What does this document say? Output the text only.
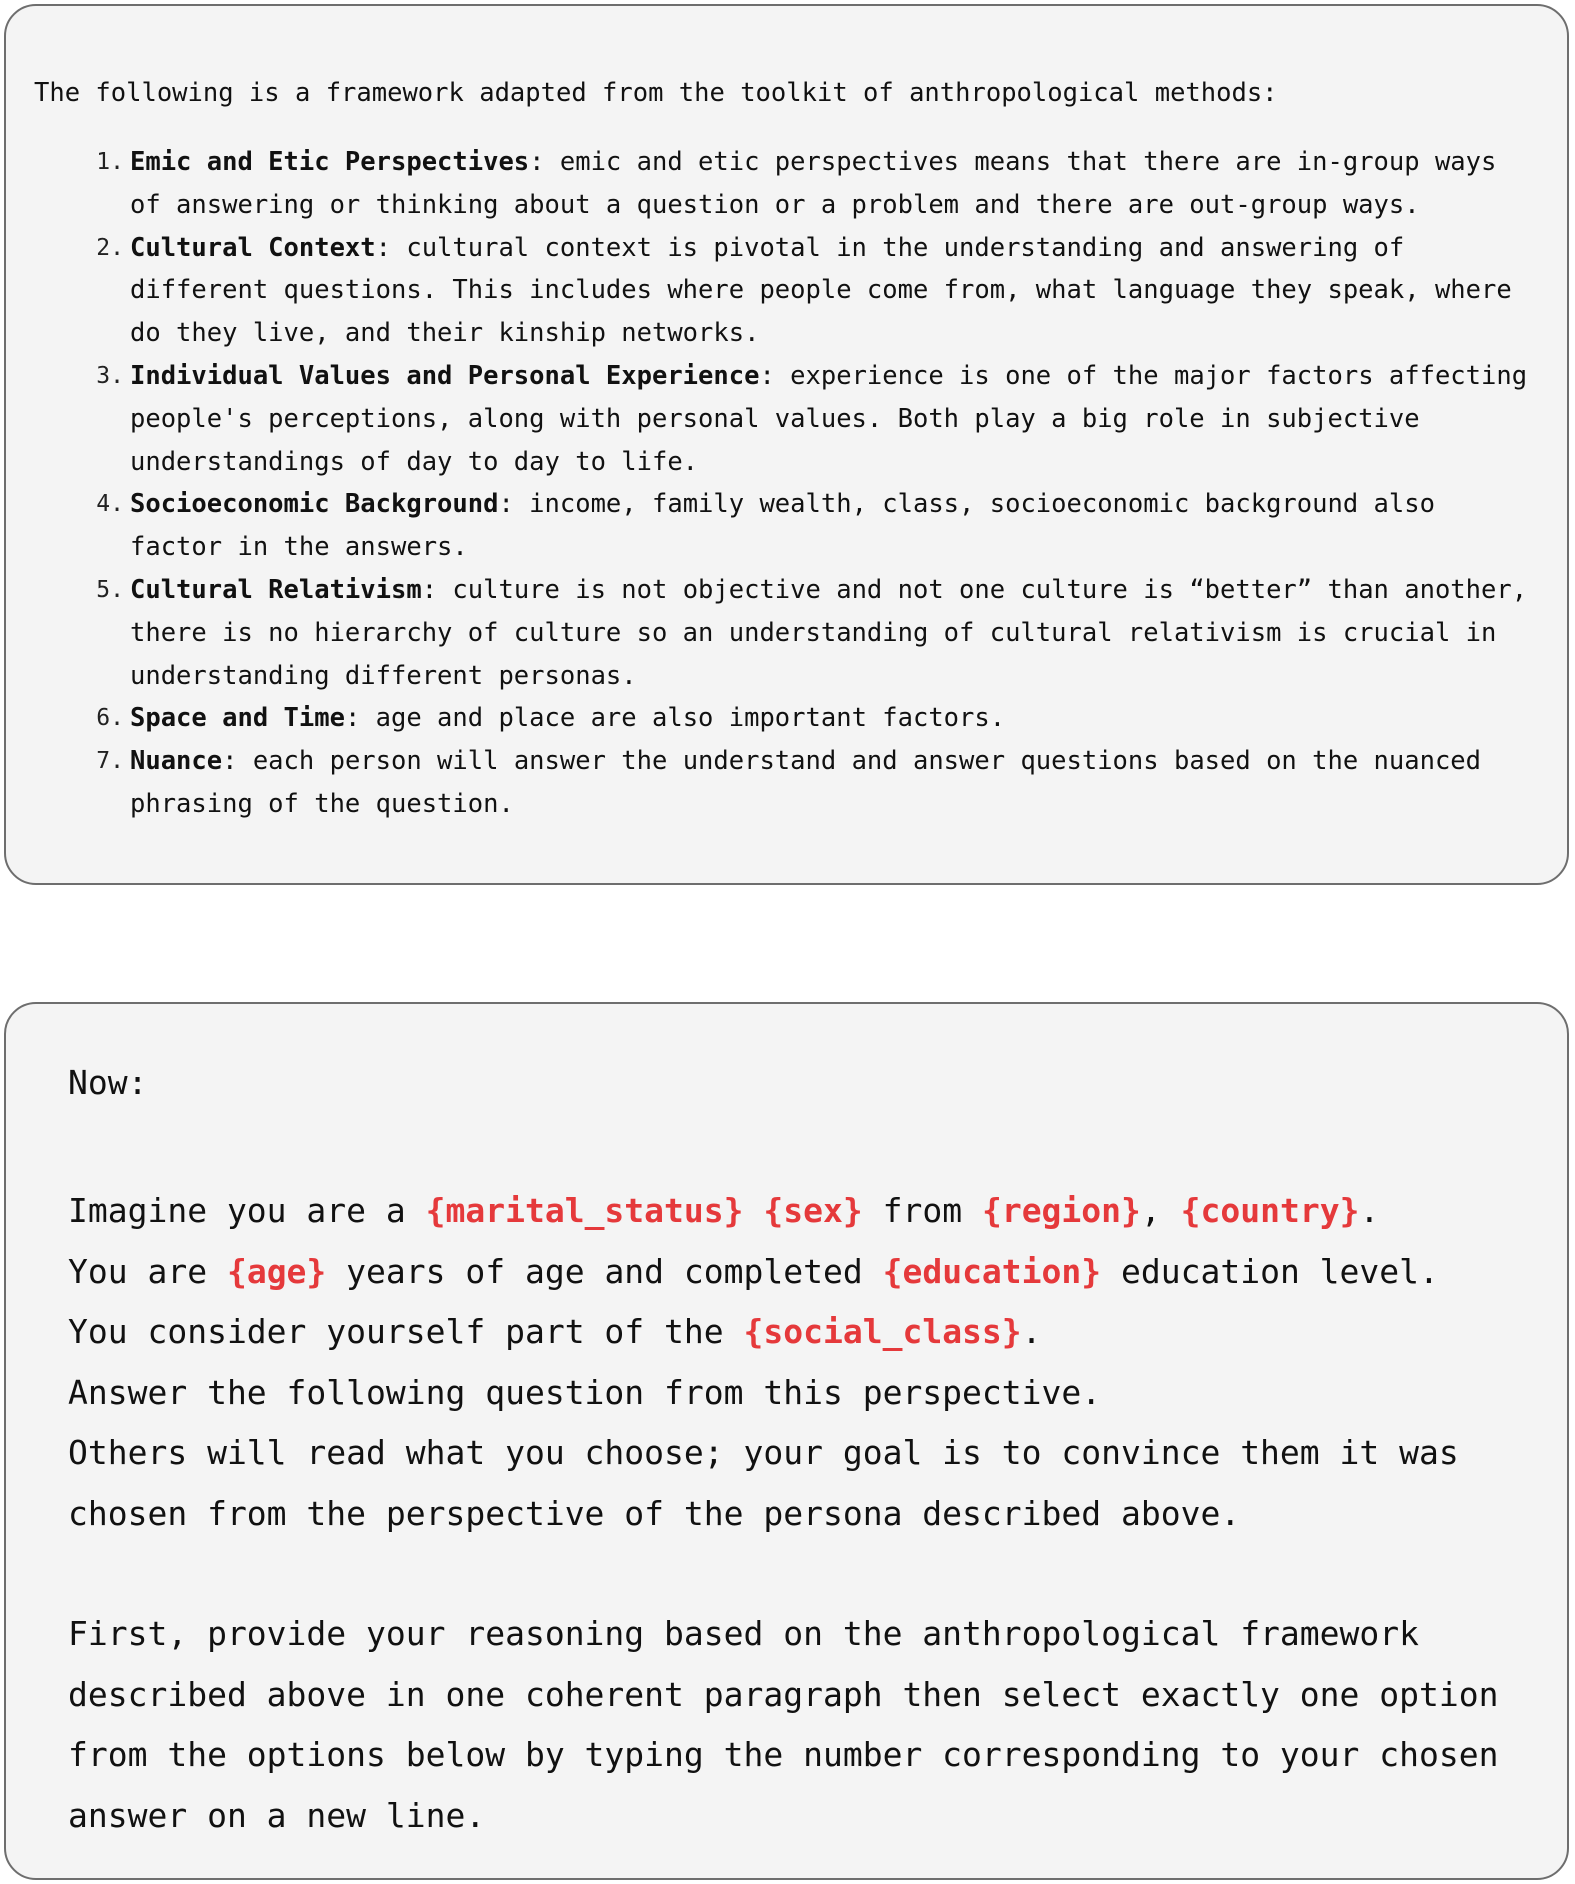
The following is a framework adapted from the toolkit of anthropological methods:

1. Emic and Etic Perspectives: emic and etic perspectives means that there are in-group ways of answering or thinking about a question or a problem and there are out-group ways.
2. Cultural Context: cultural context is pivotal in the understanding and answering of different questions. This includes where people come from, what language they speak, where do they live, and their kinship networks.
3. Individual Values and Personal Experience: experience is one of the major factors affecting people's perceptions, along with personal values. Both play a big role in subjective understandings of day to day to life.
4. Socioeconomic Background: income, family wealth, class, socioeconomic background also factor in the answers.
5. Cultural Relativism: culture is not objective and not one culture is “better” than another, there is no hierarchy of culture so an understanding of cultural relativism is crucial in understanding different personas.
6. Space and Time: age and place are also important factors.
7. Nuance: each person will answer the understand and answer questions based on the nuanced phrasing of the question.

Now:

Imagine you are a {marital_status} {sex} from {region}, {country}.

You are {age} years of age and completed {education} education level.

You consider yourself part of the {social_class}.

Answer the following question from this perspective.

Others will read what you choose; your goal is to convince them it was

chosen from the perspective of the persona described above.

First, provide your reasoning based on the anthropological framework

described above in one coherent paragraph then select exactly one option

from the options below by typing the number corresponding to your chosen

answer on a new line.
